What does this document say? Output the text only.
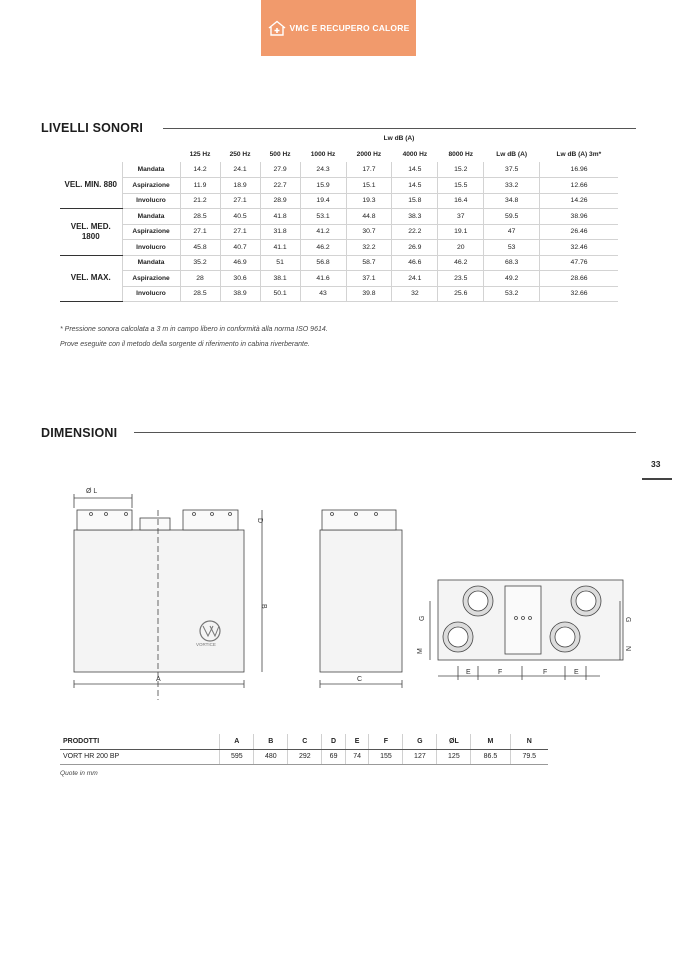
VMC E RECUPERO CALORE
LIVELLI SONORI
		Lw dB (A)								
		125 Hz	250 Hz	500 Hz	1000 Hz	2000 Hz	4000 Hz	8000 Hz	Lw dB (A)	Lw dB (A) 3m*
VEL. MIN. 880	Mandata	14.2	24.1	27.9	24.3	17.7	14.5	15.2	37.5	16.96
	Aspirazione	11.9	18.9	22.7	15.9	15.1	14.5	15.5	33.2	12.66
	Involucro	21.2	27.1	28.9	19.4	19.3	15.8	16.4	34.8	14.26
VEL. MED. 1800	Mandata	28.5	40.5	41.8	53.1	44.8	38.3	37	59.5	38.96
	Aspirazione	27.1	27.1	31.8	41.2	30.7	22.2	19.1	47	26.46
	Involucro	45.8	40.7	41.1	46.2	32.2	26.9	20	53	32.46
VEL. MAX.	Mandata	35.2	46.9	51	56.8	58.7	46.6	46.2	68.3	47.76
	Aspirazione	28	30.6	38.1	41.6	37.1	24.1	23.5	49.2	28.66
	Involucro	28.5	38.9	50.1	43	39.8	32	25.6	53.2	32.66
* Pressione sonora calcolata a 3 m in campo libero in conformità alla norma ISO 9614.
Prove eseguite con il metodo della sorgente di riferimento in cabina riverberante.
DIMENSIONI
33
Ø L
A
B
C
D
E	F	F	E
G
M
G
N
VORTICE
PRODOTTI	A	B	C	D	E	F	G	ØL	M	N
VORT HR 200 BP	595	480	292	69	74	155	127	125	86.5	79.5
Quote in mm
